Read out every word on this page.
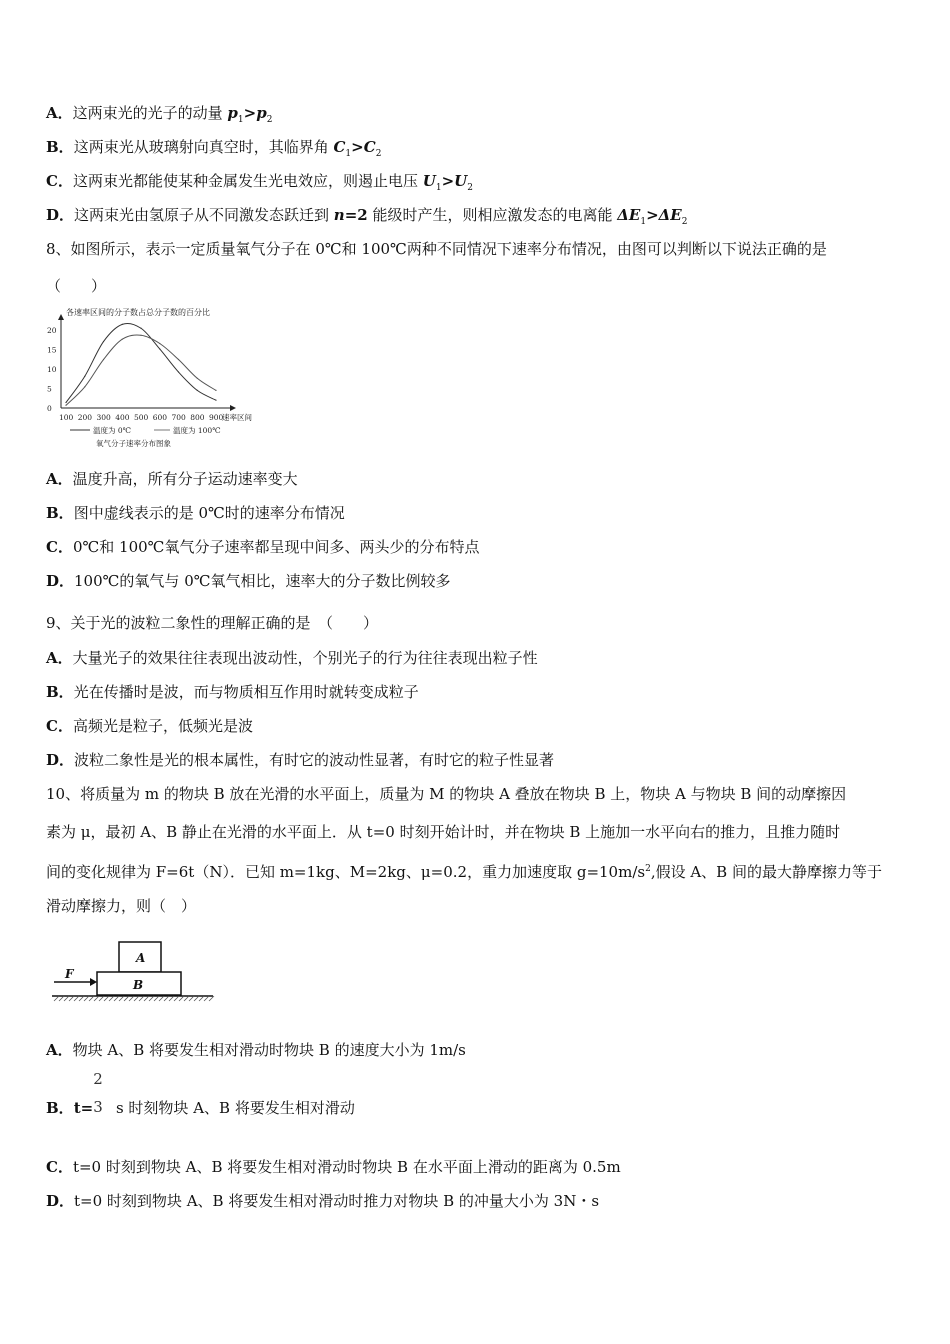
A．这两束光的光子的动量 $p_1>p_2$
B．这两束光从玻璃射向真空时，其临界角 $C_1>C_2$
C．这两束光都能使某种金属发生光电效应，则遏止电压 $U_1>U_2$
D．这两束光由氢原子从不同激发态跃迁到 n=2 能级时产生，则相应激发态的电离能 $\Delta E_1>\Delta E_2$
8、如图所示，表示一定质量氧气分子在 0℃和 100℃两种不同情况下速率分布情况，由图可以判断以下说法正确的是
（　　）
各速率区间的分子数占总分子数的百分比
0
5
10
15
20
100 200 300 400 500 600 700 800 900
速率区间
温度为 0℃	温度为 100℃
氧气分子速率分布图象
A．温度升高，所有分子运动速率变大
B．图中虚线表示的是 0℃时的速率分布情况
C．0℃和 100℃氧气分子速率都呈现中间多、两头少的分布特点
D．100℃的氧气与 0℃氧气相比，速率大的分子数比例较多
9、关于光的波粒二象性的理解正确的是　（　　）
A．大量光子的效果往往表现出波动性，个别光子的行为往往表现出粒子性
B．光在传播时是波，而与物质相互作用时就转变成粒子
C．高频光是粒子，低频光是波
D．波粒二象性是光的根本属性，有时它的波动性显著，有时它的粒子性显著
10、将质量为 m 的物块 B 放在光滑的水平面上，质量为 M 的物块 A 叠放在物块 B 上，物块 A 与物块 B 间的动摩擦因
素为 μ，最初 A、B 静止在光滑的水平面上．从 t=0 时刻开始计时，并在物块 B 上施加一水平向右的推力，且推力随时
间的变化规律为 F=6t（N）．已知 m=1kg、M=2kg、μ=0.2，重力加速度取 $g=10m/s^2$,假设 A、B 间的最大静摩擦力等于
滑动摩擦力，则（　）
A
B
F
A．物块 A、B 将要发生相对滑动时物块 B 的速度大小为 1m/s
2
3
B．t= s 时刻物块 A、B 将要发生相对滑动
C．t=0 时刻到物块 A、B 将要发生相对滑动时物块 B 在水平面上滑动的距离为 0.5m
D．t=0 时刻到物块 A、B 将要发生相对滑动时推力对物块 B 的冲量大小为 3N・s
